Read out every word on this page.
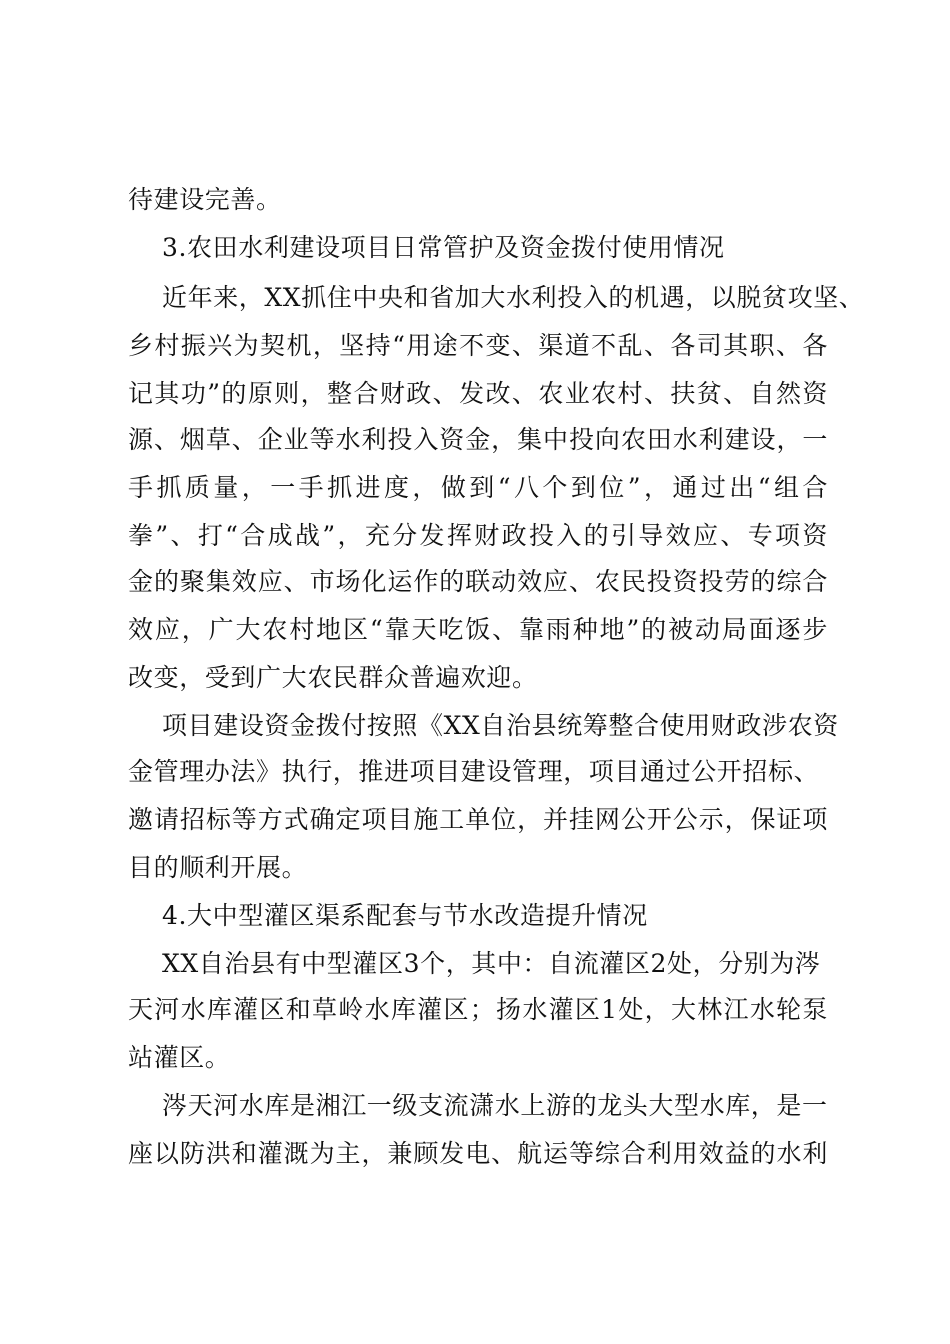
待建设完善。
3.农田水利建设项目日常管护及资金拨付使用情况
近年来，XX抓住中央和省加大水利投入的机遇，以脱贫攻坚、
乡村振兴为契机，坚持“用途不变、渠道不乱、各司其职、各
记其功”的原则，整合财政、发改、农业农村、扶贫、自然资
源、烟草、企业等水利投入资金，集中投向农田水利建设，一
手抓质量，一手抓进度，做到“八个到位”，通过出“组合
拳”、打“合成战”，充分发挥财政投入的引导效应、专项资
金的聚集效应、市场化运作的联动效应、农民投资投劳的综合
效应，广大农村地区“靠天吃饭、靠雨种地”的被动局面逐步
改变，受到广大农民群众普遍欢迎。
项目建设资金拨付按照《XX自治县统筹整合使用财政涉农资
金管理办法》执行，推进项目建设管理，项目通过公开招标、
邀请招标等方式确定项目施工单位，并挂网公开公示，保证项
目的顺利开展。
4.大中型灌区渠系配套与节水改造提升情况
XX自治县有中型灌区3个，其中：自流灌区2处，分别为涔
天河水库灌区和草岭水库灌区；扬水灌区1处，大林江水轮泵
站灌区。
涔天河水库是湘江一级支流潇水上游的龙头大型水库，是一
座以防洪和灌溉为主，兼顾发电、航运等综合利用效益的水利
